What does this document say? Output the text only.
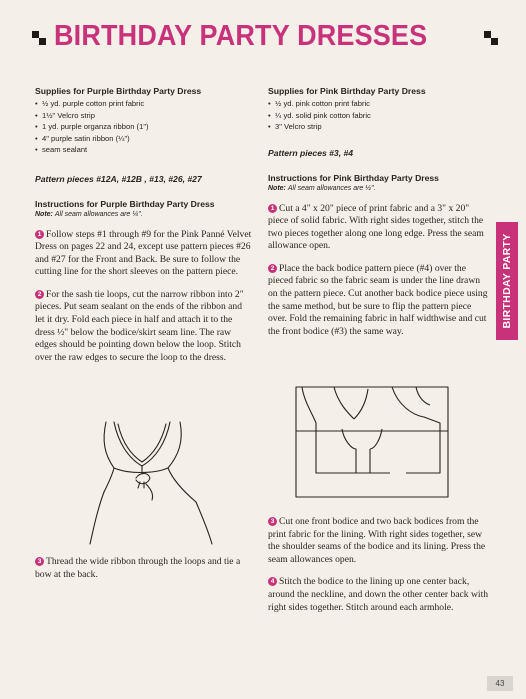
BIRTHDAY PARTY DRESSES
Supplies for Purple Birthday Party Dress
• ½ yd. purple cotton print fabric
• 1½" Velcro strip
• 1 yd. purple organza ribbon (1")
• 4" purple satin ribbon (¼")
• seam sealant
Pattern pieces #12A, #12B , #13, #26, #27
Instructions for Purple Birthday Party Dress
Note: All seam allowances are ¼".

1 Follow steps #1 through #9 for the Pink Panné Velvet Dress on pages 22 and 24, except use pattern pieces #26 and #27 for the Front and Back. Be sure to follow the cutting line for the short sleeves on the pattern piece.

2 For the sash tie loops, cut the narrow ribbon into 2" pieces. Put seam sealant on the ends of the ribbon and let it dry. Fold each piece in half and attach it to the dress ½" below the bodice/skirt seam line. The raw edges should be pointing down below the loop. Stitch over the raw edges to secure the loop to the dress.

3 Thread the wide ribbon through the loops and tie a bow at the back.

Supplies for Pink Birthday Party Dress
• ½ yd. pink cotton print fabric
• ¼ yd. solid pink cotton fabric
• 3" Velcro strip
Pattern pieces #3, #4
Instructions for Pink Birthday Party Dress
Note: All seam allowances are ½".

1 Cut a 4" x 20" piece of print fabric and a 3" x 20" piece of solid fabric. With right sides together, stitch the two pieces together along one long edge. Press the seam allowance open.

2 Place the back bodice pattern piece (#4) over the pieced fabric so the fabric seam is under the line drawn on the pattern piece. Cut another back bodice piece using the same method, but be sure to flip the pattern piece over. Fold the remaining fabric in half widthwise and cut the front bodice (#3) the same way.

3 Cut one front bodice and two back bodices from the print fabric for the lining. With right sides together, sew the shoulder seams of the bodice and its lining. Press the seam allowances open.

4 Stitch the bodice to the lining up one center back, around the neckline, and down the other center back with right sides together. Stitch around each armhole.

BIRTHDAY PARTY
43
